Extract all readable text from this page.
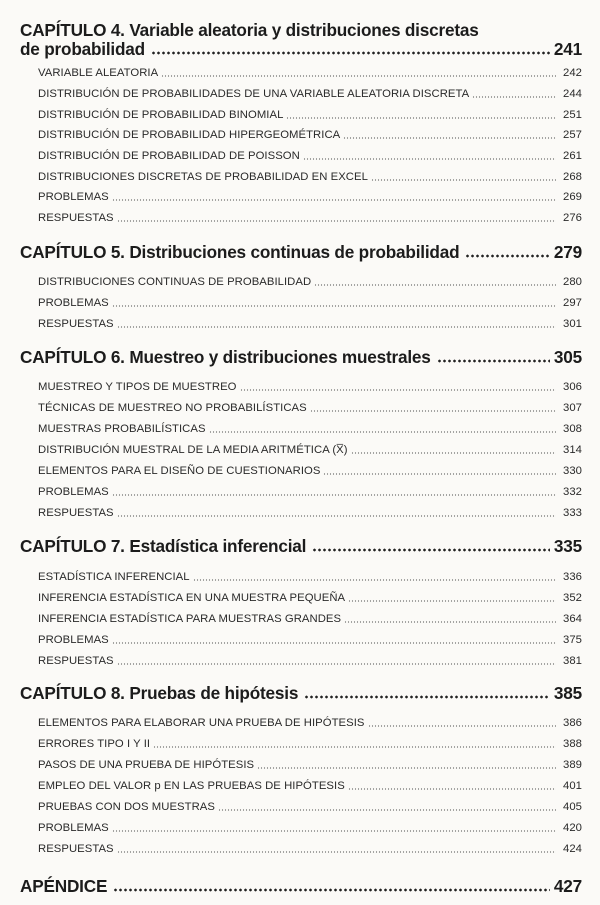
CAPÍTULO 4. Variable aleatoria y distribuciones discretas
de probabilidad	241
VARIABLE ALEATORIA	242
DISTRIBUCIÓN DE PROBABILIDADES DE UNA VARIABLE ALEATORIA DISCRETA	244
DISTRIBUCIÓN DE PROBABILIDAD BINOMIAL	251
DISTRIBUCIÓN DE PROBABILIDAD HIPERGEOMÉTRICA	257
DISTRIBUCIÓN DE PROBABILIDAD DE POISSON	261
DISTRIBUCIONES DISCRETAS DE PROBABILIDAD EN EXCEL	268
PROBLEMAS	269
RESPUESTAS	276
CAPÍTULO 5. Distribuciones continuas de probabilidad	279
DISTRIBUCIONES CONTINUAS DE PROBABILIDAD	280
PROBLEMAS	297
RESPUESTAS	301
CAPÍTULO 6. Muestreo y distribuciones muestrales	305
MUESTREO Y TIPOS DE MUESTREO	306
TÉCNICAS DE MUESTREO NO PROBABILÍSTICAS	307
MUESTRAS PROBABILÍSTICAS	308
DISTRIBUCIÓN MUESTRAL DE LA MEDIA ARITMÉTICA (X̅)	314
ELEMENTOS PARA EL DISEÑO DE CUESTIONARIOS	330
PROBLEMAS	332
RESPUESTAS	333
CAPÍTULO 7. Estadística inferencial	335
ESTADÍSTICA INFERENCIAL	336
INFERENCIA ESTADÍSTICA EN UNA MUESTRA PEQUEÑA	352
INFERENCIA ESTADÍSTICA PARA MUESTRAS GRANDES	364
PROBLEMAS	375
RESPUESTAS	381
CAPÍTULO 8. Pruebas de hipótesis	385
ELEMENTOS PARA ELABORAR UNA PRUEBA DE HIPÓTESIS	386
ERRORES TIPO I Y II	388
PASOS DE UNA PRUEBA DE HIPÓTESIS	389
EMPLEO DEL VALOR p EN LAS PRUEBAS DE HIPÓTESIS	401
PRUEBAS CON DOS MUESTRAS	405
PROBLEMAS	420
RESPUESTAS	424
APÉNDICE	427
